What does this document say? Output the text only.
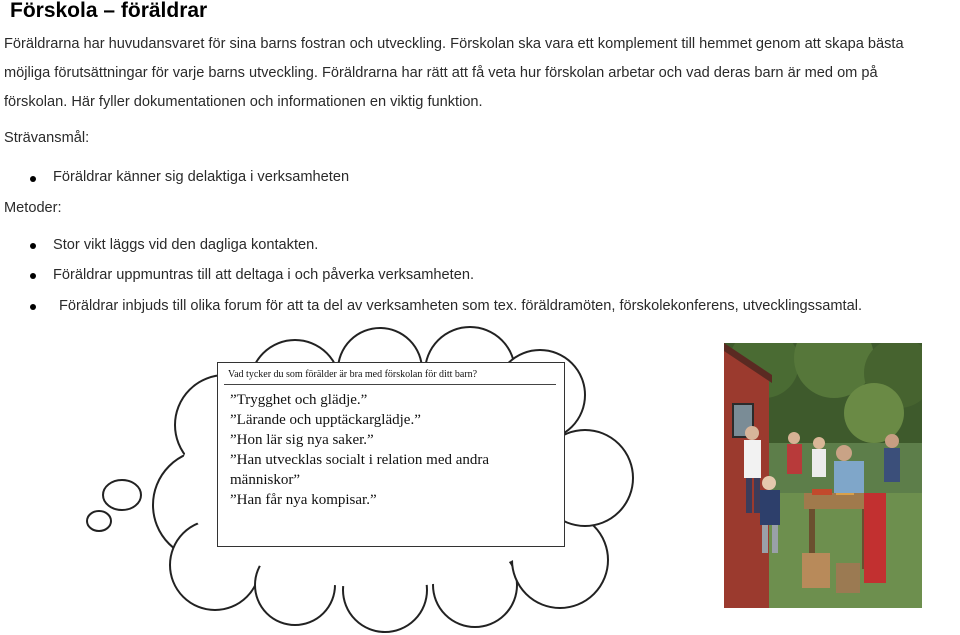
Förskola – föräldrar
Föräldrarna har huvudansvaret för sina barns fostran och utveckling. Förskolan ska vara ett komplement till hemmet genom att skapa bästa
möjliga förutsättningar för varje barns utveckling. Föräldrarna har rätt att få veta hur förskolan arbetar och vad deras barn är med om på
förskolan. Här fyller dokumentationen och informationen en viktig funktion.
Strävansmål:
Föräldrar känner sig delaktiga i verksamheten
Metoder:
Stor vikt läggs vid den dagliga kontakten.
Föräldrar uppmuntras till att deltaga i och påverka verksamheten.
Föräldrar inbjuds till olika forum för att ta del av verksamheten som tex. föräldramöten, förskolekonferens, utvecklingssamtal.
Vad tycker du som förälder är bra med förskolan för ditt barn?
”Trygghet och glädje.”
”Lärande och upptäckarglädje.”
”Hon lär sig nya saker.”
”Han utvecklas socialt i relation med andra människor”
”Han får nya kompisar.”
